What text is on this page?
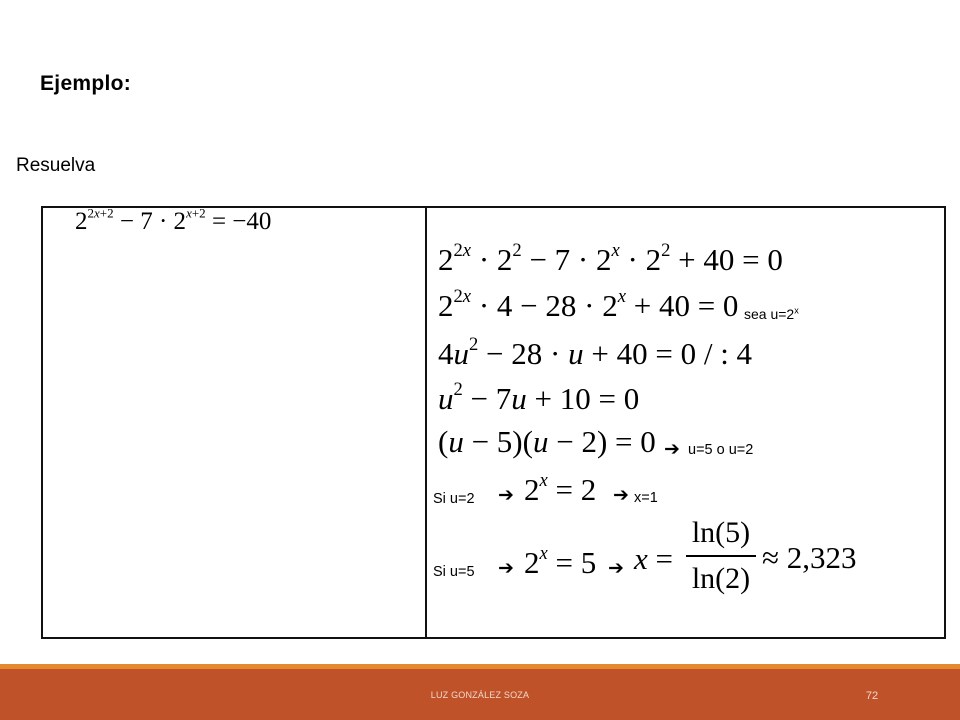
Ejemplo:
Resuelva
$2^{2x+2} - 7 \cdot 2^{x+2} = -40$
$2^{2x} \cdot 2^2 - 7 \cdot 2^x \cdot 2^2 + 40 = 0$
$2^{2x} \cdot 4 - 28 \cdot 2^x + 40 = 0$ sea $u=2^x$
$4u^2 - 28 \cdot u + 40 = 0$ / : 4
$u^2 - 7u + 10 = 0$
(u − 5)(u − 2) = 0 ➔ u=5 o u=2
Si u=2 ➔ $2^x = 2$ ➔ x=1
Si u=5 ➔ $2^x = 5$ ➔ x =
ln(5)
ln(2)
≈ 2,323
LUZ GONZÁLEZ SOZA	72
